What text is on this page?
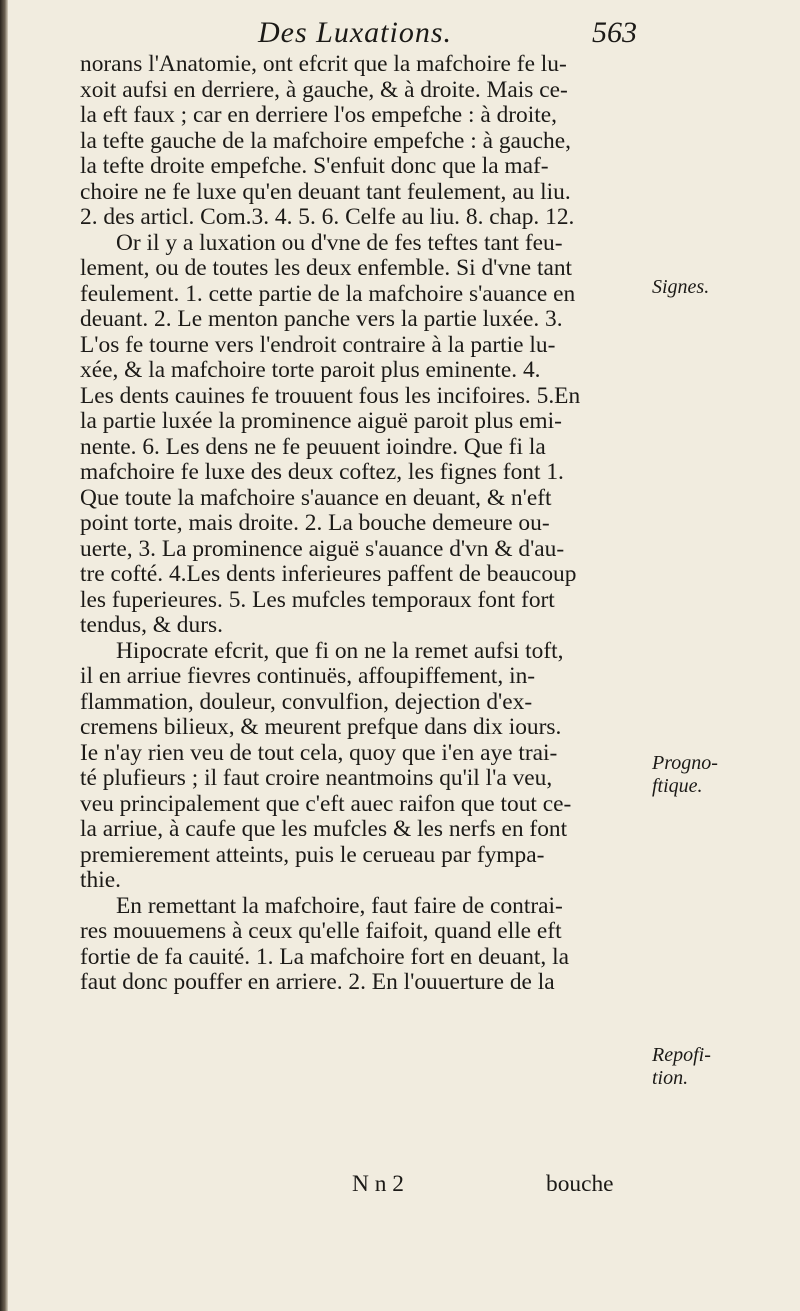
Des Luxations.	563
norans l'Anatomie, ont efcrit que la mafchoire fe lu-
xoit aufsi en derriere, à gauche, & à droite. Mais ce-
la eft faux ; car en derriere l'os empefche : à droite,
la tefte gauche de la mafchoire empefche : à gauche,
la tefte droite empefche. S'enfuit donc que la maf-
choire ne fe luxe qu'en deuant tant feulement, au liu.
2. des articl. Com.3. 4. 5. 6. Celfe au liu. 8. chap. 12.
Or il y a luxation ou d'vne de fes teftes tant feu-
lement, ou de toutes les deux enfemble. Si d'vne tant
feulement. 1. cette partie de la mafchoire s'auance en
deuant. 2. Le menton panche vers la partie luxée. 3.
L'os fe tourne vers l'endroit contraire à la partie lu-
xée, & la mafchoire torte paroit plus eminente. 4.
Les dents cauines fe trouuent fous les incifoires. 5.En
la partie luxée la prominence aiguë paroit plus emi-
nente. 6. Les dens ne fe peuuent ioindre. Que fi la
mafchoire fe luxe des deux coftez, les fignes font 1.
Que toute la mafchoire s'auance en deuant, & n'eft
point torte, mais droite. 2. La bouche demeure ou-
uerte, 3. La prominence aiguë s'auance d'vn & d'au-
tre cofté. 4.Les dents inferieures paffent de beaucoup
les fuperieures. 5. Les mufcles temporaux font fort
tendus, & durs.
Hipocrate efcrit, que fi on ne la remet aufsi toft,
il en arriue fievres continuës, affoupiffement, in-
flammation, douleur, convulfion, dejection d'ex-
cremens bilieux, & meurent prefque dans dix iours.
Ie n'ay rien veu de tout cela, quoy que i'en aye trai-
té plufieurs ; il faut croire neantmoins qu'il l'a veu,
veu principalement que c'eft auec raifon que tout ce-
la arriue, à caufe que les mufcles & les nerfs en font
premierement atteints, puis le cerueau par fympa-
thie.
En remettant la mafchoire, faut faire de contrai-
res mouuemens à ceux qu'elle faifoit, quand elle eft
fortie de fa cauité. 1. La mafchoire fort en deuant, la
faut donc pouffer en arriere. 2. En l'ouuerture de la
Signes.
Progno-
ftique.
Repofi-
tion.
N n 2	bouche
